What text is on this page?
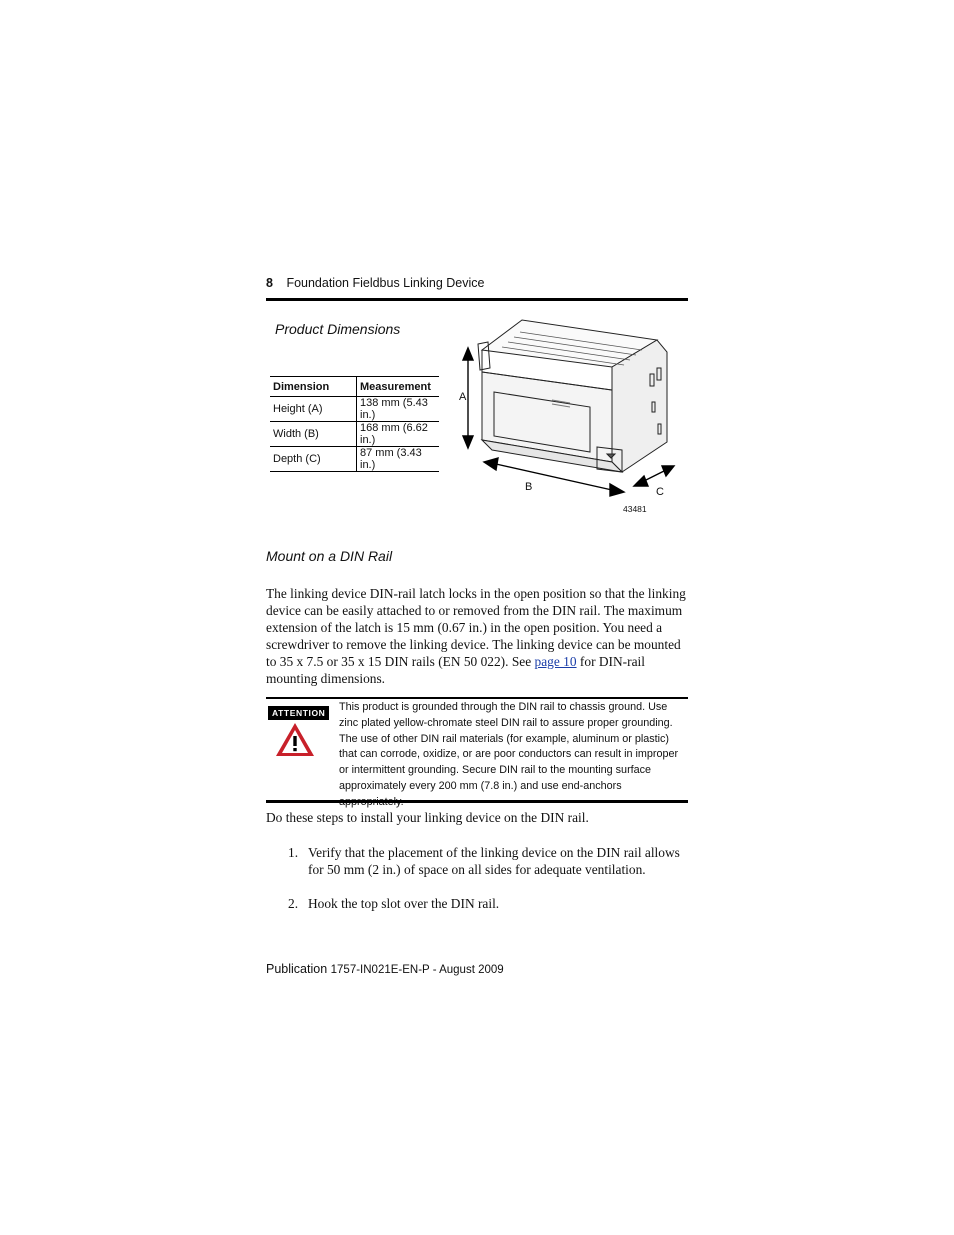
8 Foundation Fieldbus Linking Device
Product Dimensions
Dimension	Measurement
Height (A)	138 mm (5.43 in.)
Width (B)	168 mm (6.62 in.)
Depth (C)	87 mm (3.43 in.)
A
B	C
43481
Mount on a DIN Rail
The linking device DIN-rail latch locks in the open position so that the linking device can be easily attached to or removed from the DIN rail. The maximum extension of the latch is 15 mm (0.67 in.) in the open position. You need a screwdriver to remove the linking device. The linking device can be mounted to 35 x 7.5 or 35 x 15 DIN rails (EN 50 022). See page 10 for DIN-rail mounting dimensions.
ATTENTION	This product is grounded through the DIN rail to chassis ground. Use zinc plated yellow-chromate steel DIN rail to assure proper grounding. The use of other DIN rail materials (for example, aluminum or plastic) that can corrode, oxidize, or are poor conductors can result in improper or intermittent grounding. Secure DIN rail to the mounting surface approximately every 200 mm (7.8 in.) and use end-anchors
Do these steps to install your linking device on the DIN rail.
1. Verify that the placement of the linking device on the DIN rail allows for 50 mm (2 in.) of space on all sides for adequate ventilation.
2. Hook the top slot over the DIN rail.
Publication 1757-IN021E-EN-P - August 2009
